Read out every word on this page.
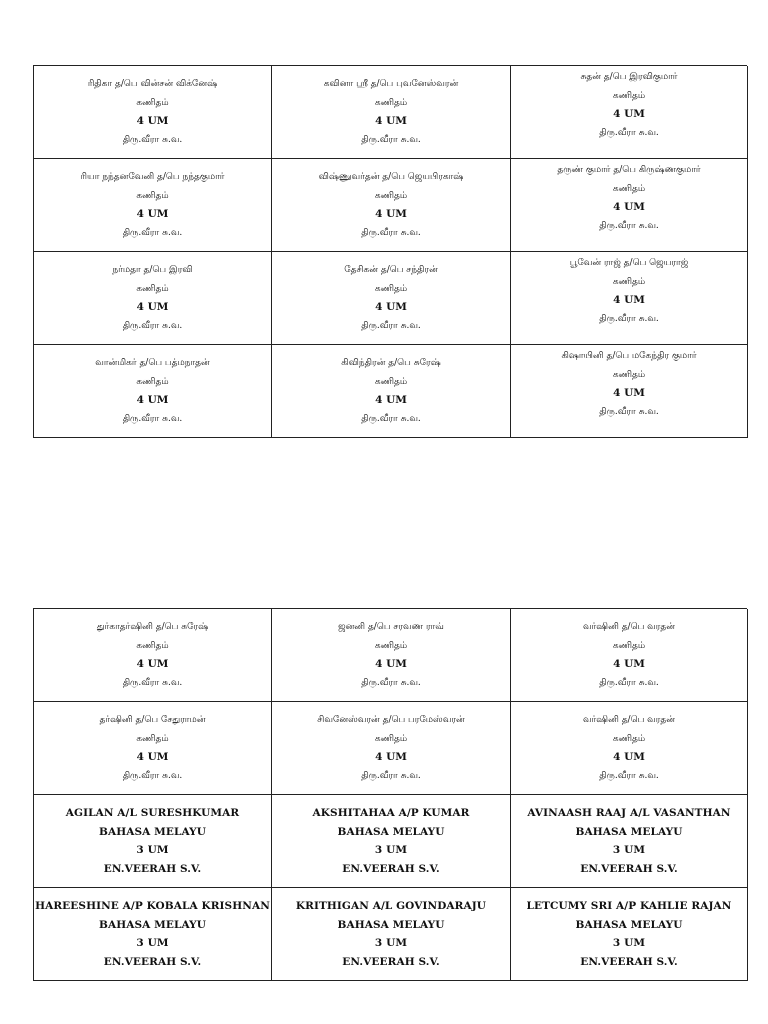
ரிதிகா த/பெ வின்சன் விக்னேஷ்
கணிதம்
4 UM
திரு.வீரா சு.வ.
கவினா ஸ்ரீ த/பெ புவனேஸ்வரன்
கணிதம்
4 UM
திரு.வீரா சு.வ.
சுதன் த/பெ இரவிகுமார்
கணிதம்
4 UM
திரு.வீரா சு.வ.
ரியா நந்தனவேனி த/பெ நந்தகுமார்
கணிதம்
4 UM
திரு.வீரா சு.வ.
விஷ்ணுவர்தன் த/பெ ஜெயபிரகாஷ்
கணிதம்
4 UM
திரு.வீரா சு.வ.
தருண் குமார் த/பெ கிருஷ்ணகுமார்
கணிதம்
4 UM
திரு.வீரா சு.வ.
நர்மதா த/பெ இரவி
கணிதம்
4 UM
திரு.வீரா சு.வ.
தேசிகன் த/பெ சந்திரன்
கணிதம்
4 UM
திரு.வீரா சு.வ.
பூவேன் ராஜ் த/பெ ஜெயராஜ்
கணிதம்
4 UM
திரு.வீரா சு.வ.
வான்மிகர் த/பெ பத்மநாதன்
கணிதம்
4 UM
திரு.வீரா சு.வ.
கிவிந்திரன் த/பெ சுரேஷ்
கணிதம்
4 UM
திரு.வீரா சு.வ.
கிஷாயினி த/பெ மகேந்திர குமார்
கணிதம்
4 UM
திரு.வீரா சு.வ.
துர்காதர்ஷினி த/பெ சுரேஷ்
கணிதம்
4 UM
திரு.வீரா சு.வ.
ஜனனி த/பெ சரவண ராவ்
கணிதம்
4 UM
திரு.வீரா சு.வ.
வர்ஷினி த/பெ வரதன்
கணிதம்
4 UM
திரு.வீரா சு.வ.
தர்ஷினி த/பெ சேதுராமன்
கணிதம்
4 UM
திரு.வீரா சு.வ.
சிவனேஸ்வரன் த/பெ பரமேஸ்வரன்
கணிதம்
4 UM
திரு.வீரா சு.வ.
வர்ஷினி த/பெ வரதன்
கணிதம்
4 UM
திரு.வீரா சு.வ.
AGILAN A/L SURESHKUMAR
BAHASA MELAYU
3 UM
EN.VEERAH S.V.
AKSHITAHAA A/P KUMAR
BAHASA MELAYU
3 UM
EN.VEERAH S.V.
AVINAASH RAAJ A/L VASANTHAN
BAHASA MELAYU
3 UM
EN.VEERAH S.V.
HAREESHINE A/P KOBALA KRISHNAN
BAHASA MELAYU
3 UM
EN.VEERAH S.V.
KRITHIGAN A/L GOVINDARAJU
BAHASA MELAYU
3 UM
EN.VEERAH S.V.
LETCUMY SRI A/P KAHLIE RAJAN
BAHASA MELAYU
3 UM
EN.VEERAH S.V.
